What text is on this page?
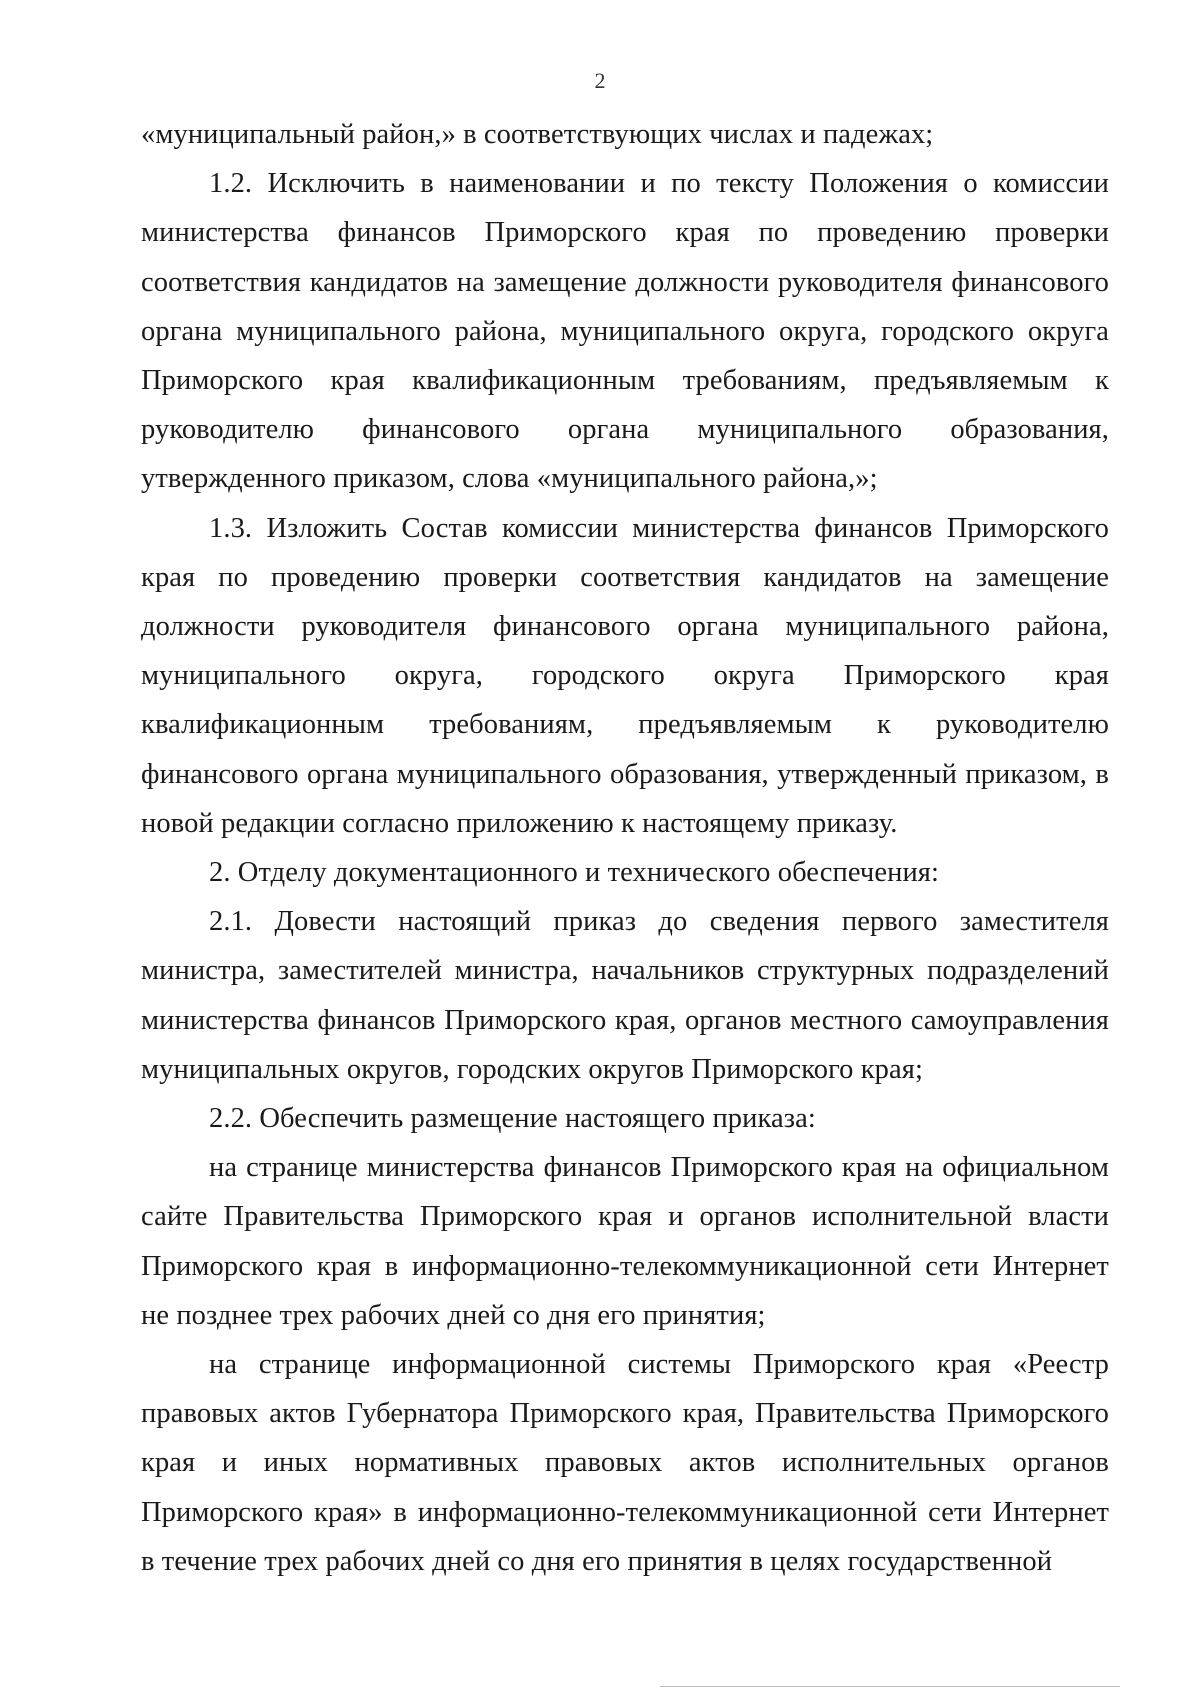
2

«муниципальный район,» в соответствующих числах и падежах;

1.2. Исключить в наименовании и по тексту Положения о комиссии министерства финансов Приморского края по проведению проверки соответствия кандидатов на замещение должности руководителя финансового органа муниципального района, муниципального округа, городского округа Приморского края квалификационным требованиям, предъявляемым к руководителю финансового органа муниципального образования, утвержденного приказом, слова «муниципального района,»;

1.3. Изложить Состав комиссии министерства финансов Приморского края по проведению проверки соответствия кандидатов на замещение должности руководителя финансового органа муниципального района, муниципального округа, городского округа Приморского края квалификационным требованиям, предъявляемым к руководителю финансового органа муниципального образования, утвержденный приказом, в новой редакции согласно приложению к настоящему приказу.

2. Отделу документационного и технического обеспечения:

2.1. Довести настоящий приказ до сведения первого заместителя министра, заместителей министра, начальников структурных подразделений министерства финансов Приморского края, органов местного самоуправления муниципальных округов, городских округов Приморского края;

2.2. Обеспечить размещение настоящего приказа:

на странице министерства финансов Приморского края на официальном сайте Правительства Приморского края и органов исполнительной власти Приморского края в информационно-телекоммуникационной сети Интернет не позднее трех рабочих дней со дня его принятия;

на странице информационной системы Приморского края «Реестр правовых актов Губернатора Приморского края, Правительства Приморского края и иных нормативных правовых актов исполнительных органов Приморского края» в информационно-телекоммуникационной сети Интернет в течение трех рабочих дней со дня его принятия в целях государственной
